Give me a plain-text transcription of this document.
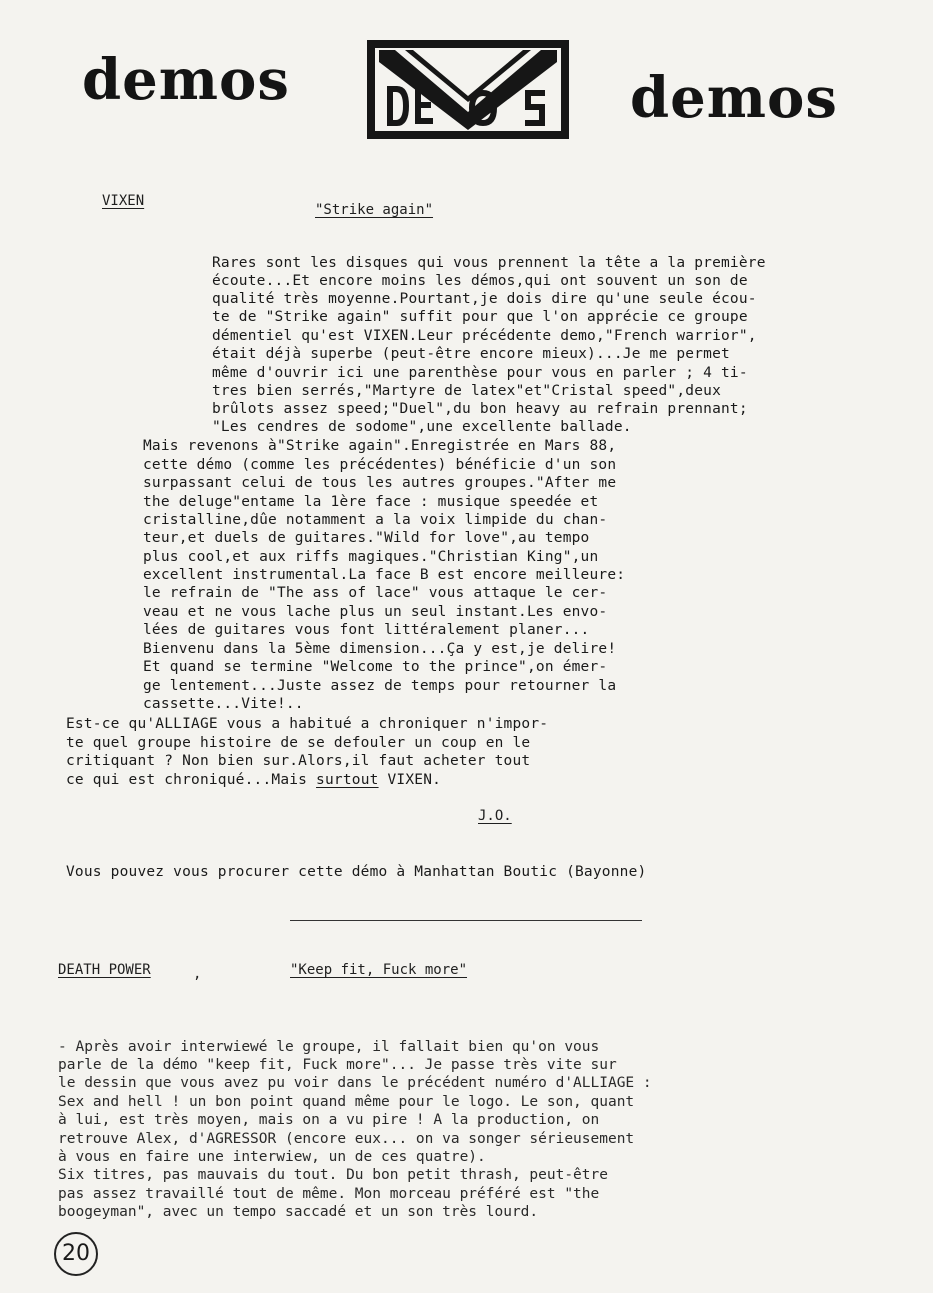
demos	demos
VIXEN
"Strike again"
Rares sont les disques qui vous prennent la tête a la première
écoute...Et encore moins les démos,qui ont souvent un son de
qualité très moyenne.Pourtant,je dois dire qu'une seule écou-
te de "Strike again" suffit pour que l'on apprécie ce groupe
démentiel qu'est VIXEN.Leur précédente demo,"French warrior",
était déjà superbe (peut-être encore mieux)...Je me permet
même d'ouvrir ici une parenthèse pour vous en parler ; 4 ti-
tres bien serrés,"Martyre de latex"et"Cristal speed",deux
brûlots assez speed;"Duel",du bon heavy au refrain prennant;
"Les cendres de sodome",une excellente ballade.
Mais revenons à"Strike again".Enregistrée en Mars 88,
cette démo (comme les précédentes) bénéficie d'un son
surpassant celui de tous les autres groupes."After me
the deluge"entame la 1ère face : musique speedée et
cristalline,dûe notamment a la voix limpide du chan-
teur,et duels de guitares."Wild for love",au tempo
plus cool,et aux riffs magiques."Christian King",un
excellent instrumental.La face B est encore meilleure:
le refrain de "The ass of lace" vous attaque le cer-
veau et ne vous lache plus un seul instant.Les envo-
lées de guitares vous font littéralement planer...
Bienvenu dans la 5ème dimension...Ça y est,je delire!
Et quand se termine "Welcome to the prince",on émer-
ge lentement...Juste assez de temps pour retourner la
cassette...Vite!..
Est-ce qu'ALLIAGE vous a habitué a chroniquer n'impor-
te quel groupe histoire de se defouler un coup en le
critiquant ? Non bien sur.Alors,il faut acheter tout
ce qui est chroniqué...Mais surtout VIXEN.
J.O.
Vous pouvez vous procurer cette démo à Manhattan Boutic (Bayonne)
DEATH POWER	,	"Keep fit, Fuck more"
- Après avoir interwiewé le groupe, il fallait bien qu'on vous
parle de la démo "keep fit, Fuck more"... Je passe très vite sur
le dessin que vous avez pu voir dans le précédent numéro d'ALLIAGE :
Sex and hell ! un bon point quand même pour le logo. Le son, quant
à lui, est très moyen, mais on a vu pire ! A la production, on
retrouve Alex, d'AGRESSOR (encore eux... on va songer sérieusement
à vous en faire une interwiew, un de ces quatre).
Six titres, pas mauvais du tout. Du bon petit thrash, peut-être
pas assez travaillé tout de même. Mon morceau préféré est "the
boogeyman", avec un tempo saccadé et un son très lourd.
20
